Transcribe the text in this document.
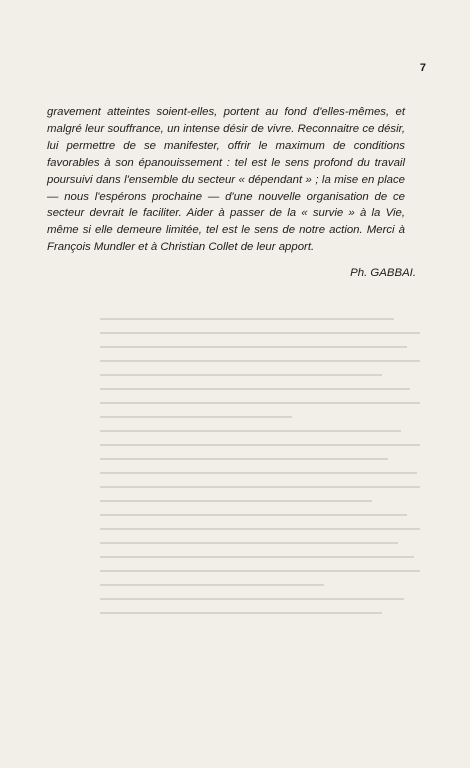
7

gravement atteintes soient-elles, portent au fond d'elles-mêmes, et malgré leur souffrance, un intense désir de vivre. Reconnaitre ce désir, lui permettre de se manifester, offrir le maximum de conditions favorables à son épanouissement : tel est le sens profond du travail poursuivi dans l'ensemble du secteur « dépendant » ; la mise en place — nous l'espérons prochaine — d'une nouvelle organisation de ce secteur devrait le faciliter. Aider à passer de la « survie » à la Vie, même si elle demeure limitée, tel est le sens de notre action. Merci à François Mundler et à Christian Collet de leur apport.

Ph. GABBAI.
